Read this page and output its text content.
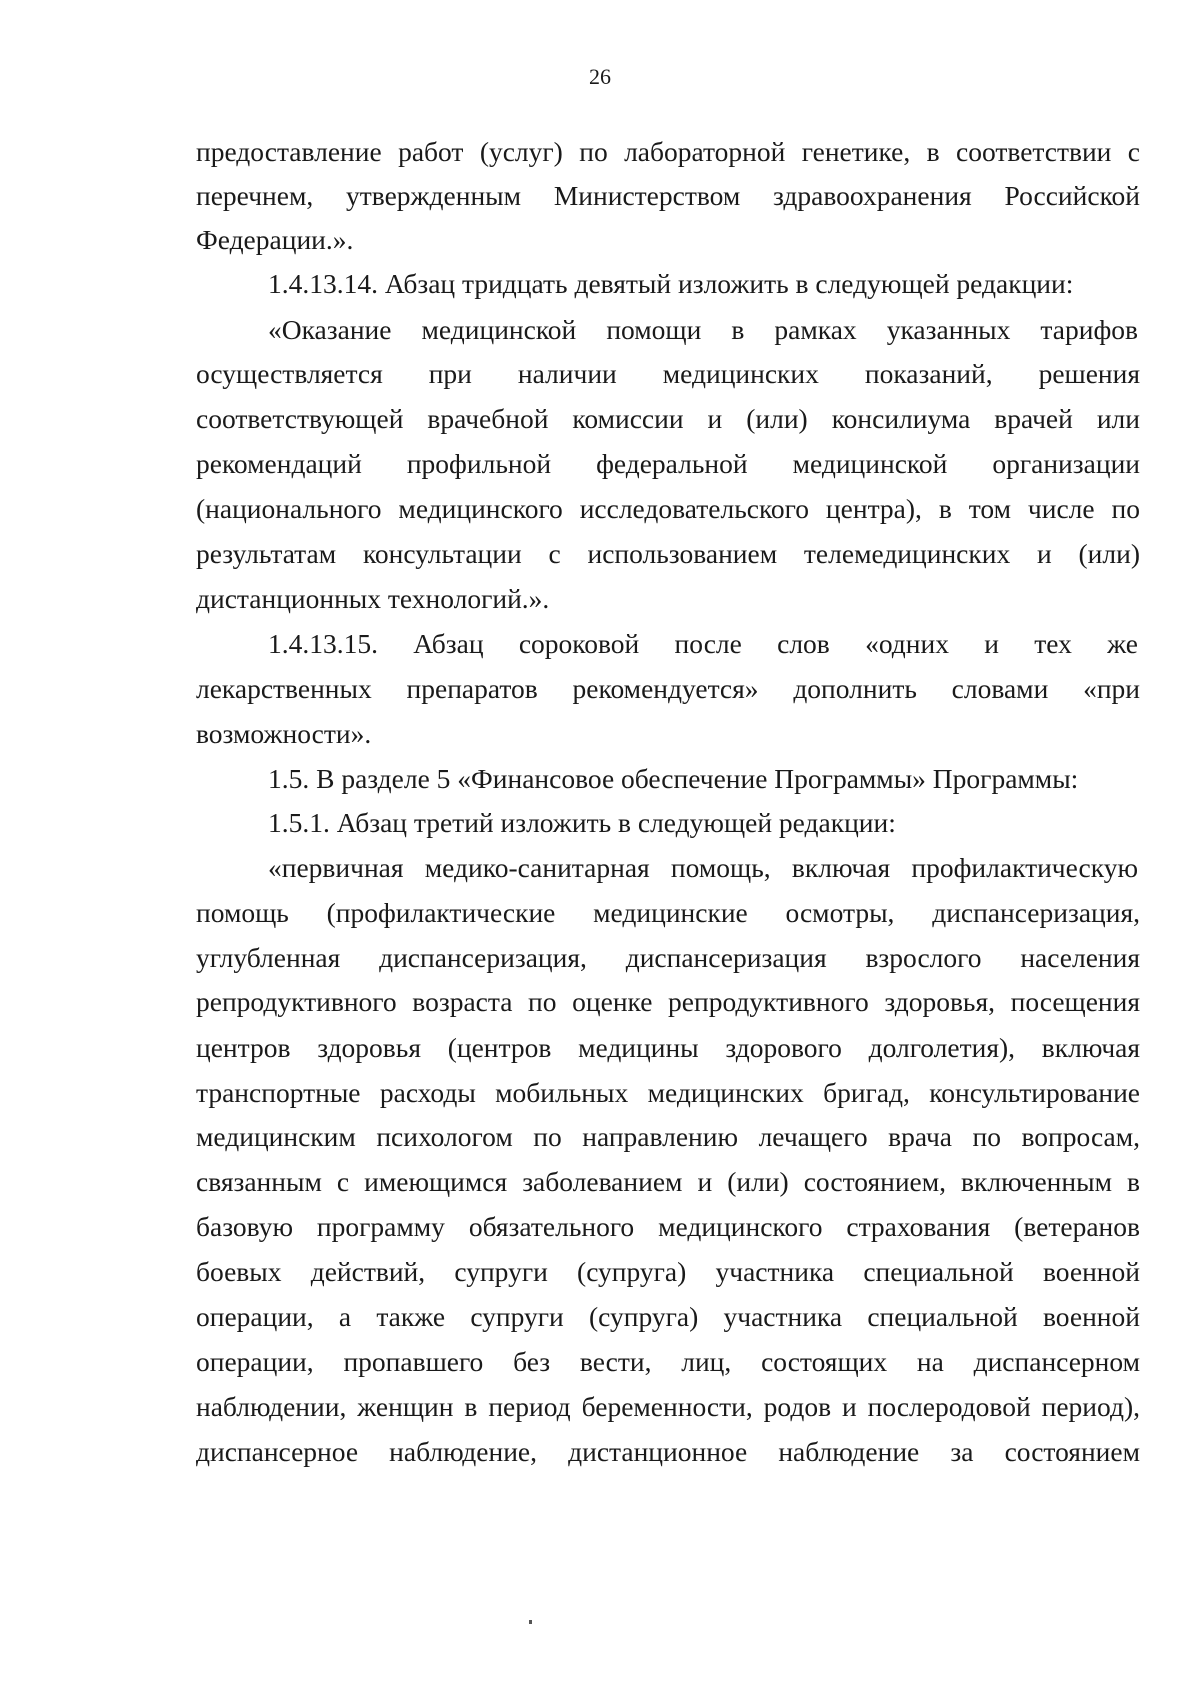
26
предоставление работ (услуг) по лабораторной генетике, в соответствии с
перечнем, утвержденным Министерством здравоохранения Российской
Федерации.».
1.4.13.14. Абзац тридцать девятый изложить в следующей редакции:
«Оказание медицинской помощи в рамках указанных тарифов
осуществляется при наличии медицинских показаний, решения
соответствующей врачебной комиссии и (или) консилиума врачей или
рекомендаций профильной федеральной медицинской организации
(национального медицинского исследовательского центра), в том числе по
результатам консультации с использованием телемедицинских и (или)
дистанционных технологий.».
1.4.13.15. Абзац сороковой после слов «одних и тех же
лекарственных препаратов рекомендуется» дополнить словами «при
возможности».
1.5. В разделе 5 «Финансовое обеспечение Программы» Программы:
1.5.1. Абзац третий изложить в следующей редакции:
«первичная медико-санитарная помощь, включая профилактическую
помощь (профилактические медицинские осмотры, диспансеризация,
углубленная диспансеризация, диспансеризация взрослого населения
репродуктивного возраста по оценке репродуктивного здоровья, посещения
центров здоровья (центров медицины здорового долголетия), включая
транспортные расходы мобильных медицинских бригад, консультирование
медицинским психологом по направлению лечащего врача по вопросам,
связанным с имеющимся заболеванием и (или) состоянием, включенным в
базовую программу обязательного медицинского страхования (ветеранов
боевых действий, супруги (супруга) участника специальной военной
операции, а также супруги (супруга) участника специальной военной
операции, пропавшего без вести, лиц, состоящих на диспансерном
наблюдении, женщин в период беременности, родов и послеродовой период),
диспансерное наблюдение, дистанционное наблюдение за состоянием
